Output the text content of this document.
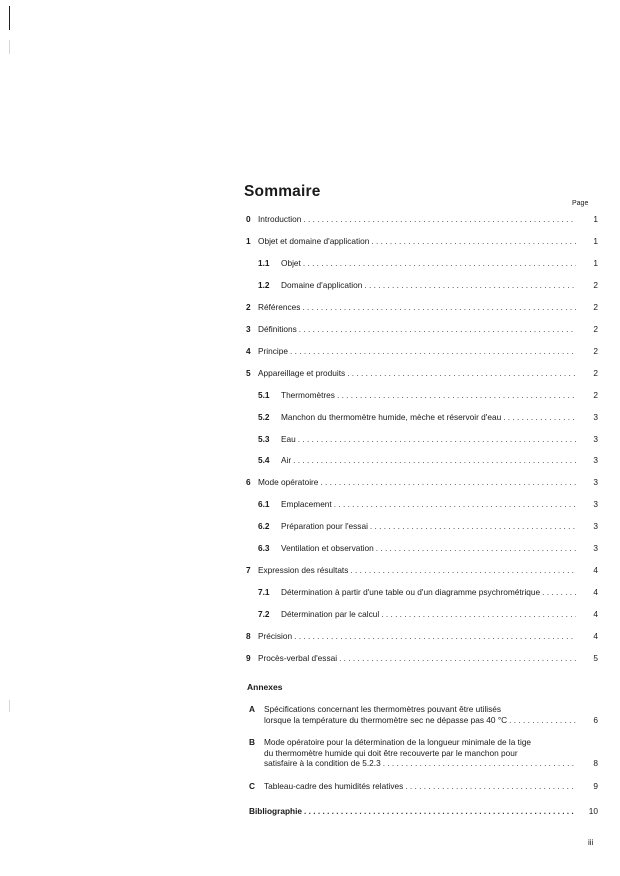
Sommaire
Page
0 Introduction . . .	1
1 Objet et domaine d'application . . .	1
1.1 Objet . . .	1
1.2 Domaine d'application . . .	2
2 Références . . .	2
3 Définitions . . .	2
4 Principe . . .	2
5 Appareillage et produits . . .	2
5.1 Thermomètres . . .	2
5.2 Manchon du thermomètre humide, mèche et réservoir d'eau . . .	3
5.3 Eau . . .	3
5.4 Air . . .	3
6 Mode opératoire . . .	3
6.1 Emplacement . . .	3
6.2 Préparation pour l'essai . . .	3
6.3 Ventilation et observation . . .	3
7 Expression des résultats . . .	4
7.1 Détermination à partir d'une table ou d'un diagramme psychrométrique . . .	4
7.2 Détermination par le calcul . . .	4
8 Précision . . .	4
9 Procès-verbal d'essai . . .	5
Annexes
A Spécifications concernant les thermomètres pouvant être utilisés
lorsque la température du thermomètre sec ne dépasse pas 40 °C . . .	6
B Mode opératoire pour la détermination de la longueur minimale de la tige
du thermomètre humide qui doit être recouverte par le manchon pour
satisfaire à la condition de 5.2.3 . . .	8
C Tableau-cadre des humidités relatives . . .	9
Bibliographie . . .	10
iii
